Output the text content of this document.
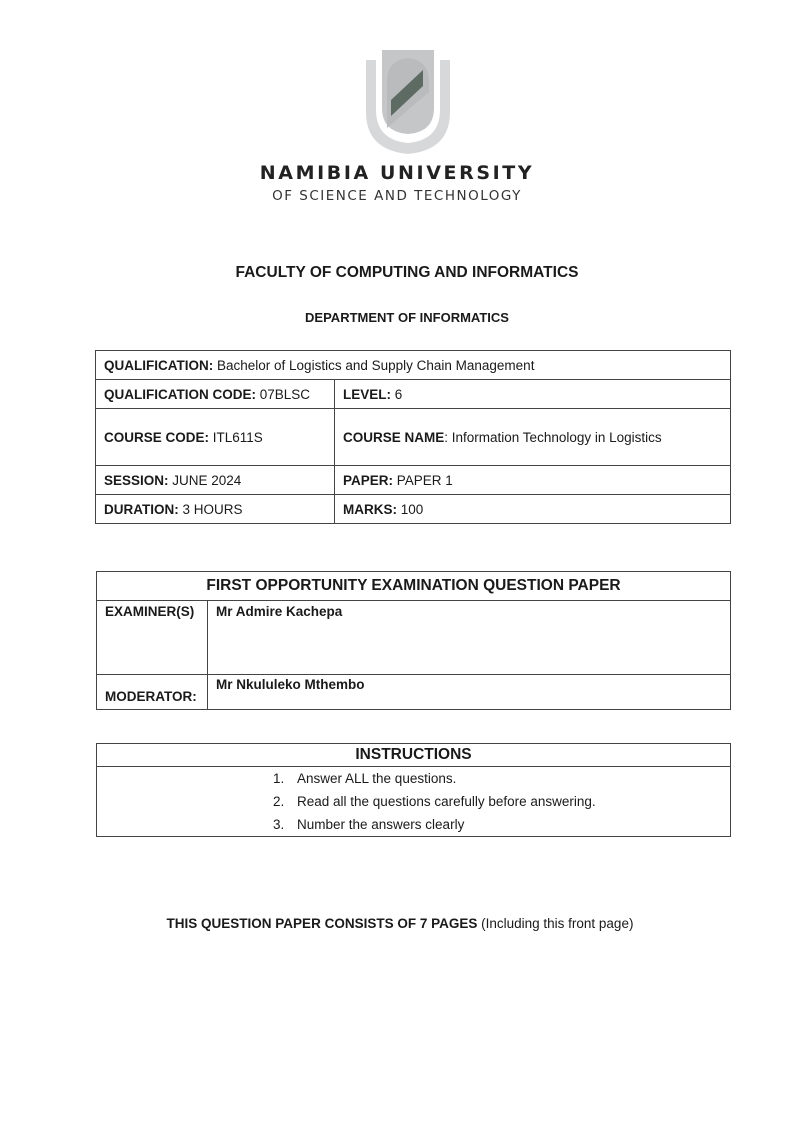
NAMIBIA UNIVERSITY
OF SCIENCE AND TECHNOLOGY
FACULTY OF COMPUTING AND INFORMATICS
DEPARTMENT OF INFORMATICS
QUALIFICATION: Bachelor of Logistics and Supply Chain Management	
QUALIFICATION CODE: 07BLSC	LEVEL: 6
COURSE CODE: ITL611S	COURSE NAME: Information Technology in Logistics
SESSION: JUNE 2024	PAPER: PAPER 1
DURATION: 3 HOURS	MARKS: 100
FIRST OPPORTUNITY EXAMINATION QUESTION PAPER	
EXAMINER(S)	Mr Admire Kachepa
MODERATOR:	Mr Nkululeko Mthembo
INSTRUCTIONS

1. Answer ALL the questions.
2. Read all the questions carefully before answering.
3. Number the answers clearly
THIS QUESTION PAPER CONSISTS OF 7 PAGES (Including this front page)
